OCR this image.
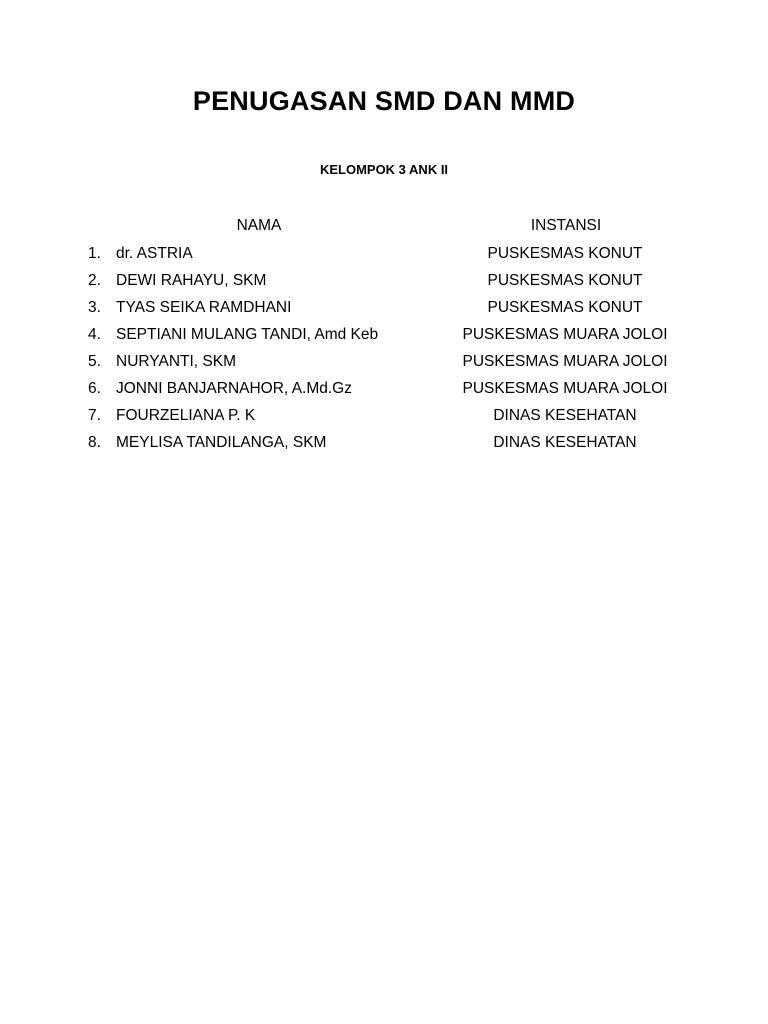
PENUGASAN SMD DAN MMD
KELOMPOK 3 ANK II
NAMA	INSTANSI
1. dr. ASTRIA	PUSKESMAS KONUT
2. DEWI RAHAYU, SKM	PUSKESMAS KONUT
3. TYAS SEIKA RAMDHANI	PUSKESMAS KONUT
4. SEPTIANI MULANG TANDI, Amd Keb	PUSKESMAS MUARA JOLOI
5. NURYANTI, SKM	PUSKESMAS MUARA JOLOI
6. JONNI BANJARNAHOR, A.Md.Gz	PUSKESMAS MUARA JOLOI
7. FOURZELIANA P. K	DINAS KESEHATAN
8. MEYLISA TANDILANGA, SKM	DINAS KESEHATAN
